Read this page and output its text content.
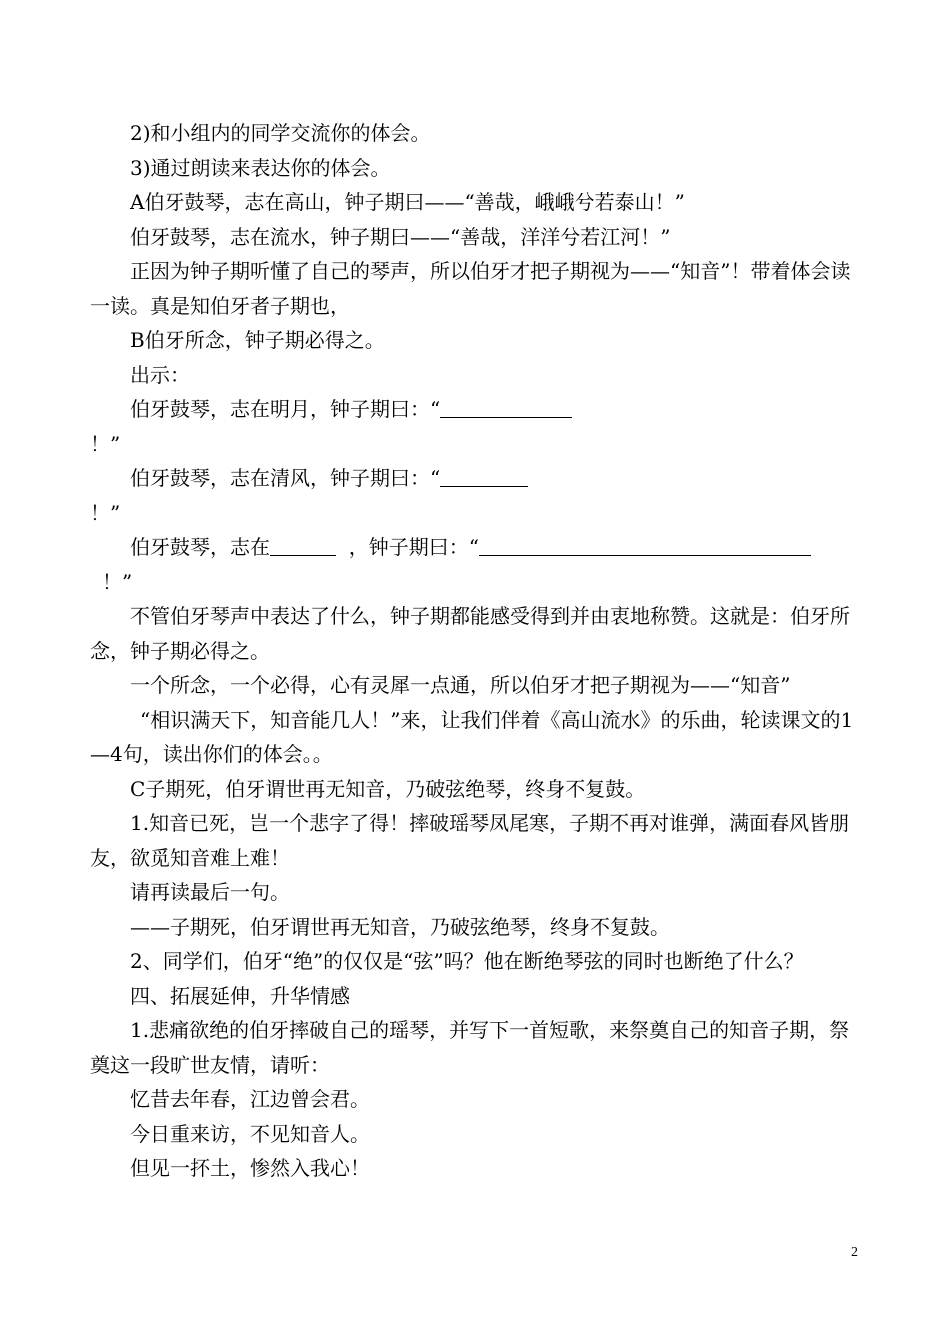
2)和小组内的同学交流你的体会。

3)通过朗读来表达你的体会。

A伯牙鼓琴，志在高山，钟子期曰——“善哉，峨峨兮若泰山！”

伯牙鼓琴，志在流水，钟子期曰——“善哉，洋洋兮若江河！”

正因为钟子期听懂了自己的琴声，所以伯牙才把子期视为——“知音”！带着体会读一读。真是知伯牙者子期也，

B伯牙所念，钟子期必得之。

出示：

伯牙鼓琴，志在明月，钟子期曰：“

！”

伯牙鼓琴，志在清风，钟子期曰：“

！”

伯牙鼓琴，志在	，钟子期曰：“

！”

不管伯牙琴声中表达了什么，钟子期都能感受得到并由衷地称赞。这就是：伯牙所念，钟子期必得之。

一个所念，一个必得，心有灵犀一点通，所以伯牙才把子期视为——“知音”

“相识满天下，知音能几人！”来，让我们伴着《高山流水》的乐曲，轮读课文的1—4句，读出你们的体会。。

C子期死，伯牙谓世再无知音，乃破弦绝琴，终身不复鼓。

1.知音已死，岂一个悲字了得！摔破瑶琴凤尾寒，子期不再对谁弹，满面春风皆朋友，欲觅知音难上难！

请再读最后一句。

——子期死，伯牙谓世再无知音，乃破弦绝琴，终身不复鼓。

2、同学们，伯牙“绝”的仅仅是“弦”吗？他在断绝琴弦的同时也断绝了什么？

四、拓展延伸，升华情感

1.悲痛欲绝的伯牙摔破自己的瑶琴，并写下一首短歌，来祭奠自己的知音子期，祭奠这一段旷世友情，请听：

忆昔去年春，江边曾会君。

今日重来访，不见知音人。

但见一抔土，惨然入我心！

2
